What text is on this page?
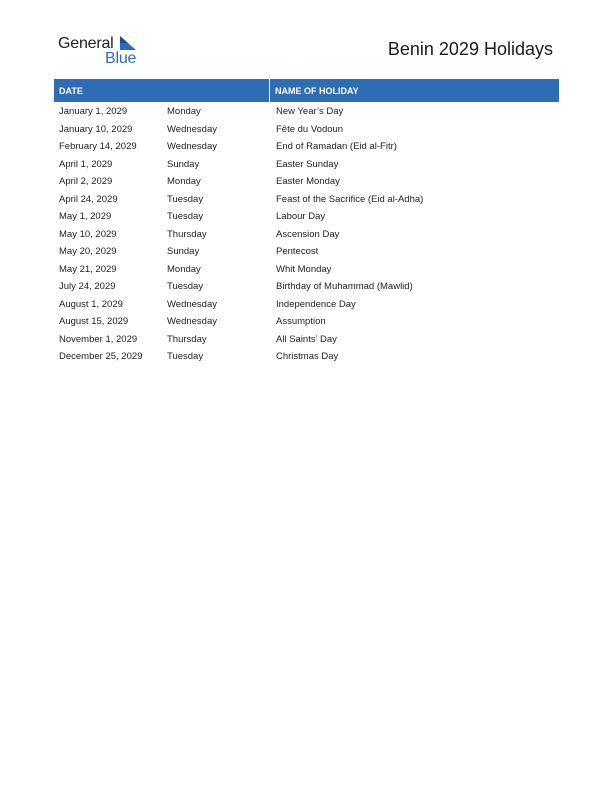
General
Blue	Benin 2029 Holidays
DATE	NAME OF HOLIDAY
January 1, 2029	Monday	New Year’s Day
January 10, 2029	Wednesday	Fête du Vodoun
February 14, 2029	Wednesday	End of Ramadan (Eid al-Fitr)
April 1, 2029	Sunday	Easter Sunday
April 2, 2029	Monday	Easter Monday
April 24, 2029	Tuesday	Feast of the Sacrifice (Eid al-Adha)
May 1, 2029	Tuesday	Labour Day
May 10, 2029	Thursday	Ascension Day
May 20, 2029	Sunday	Pentecost
May 21, 2029	Monday	Whit Monday
July 24, 2029	Tuesday	Birthday of Muhammad (Mawlid)
August 1, 2029	Wednesday	Independence Day
August 15, 2029	Wednesday	Assumption
November 1, 2029	Thursday	All Saints’ Day
December 25, 2029	Tuesday	Christmas Day
